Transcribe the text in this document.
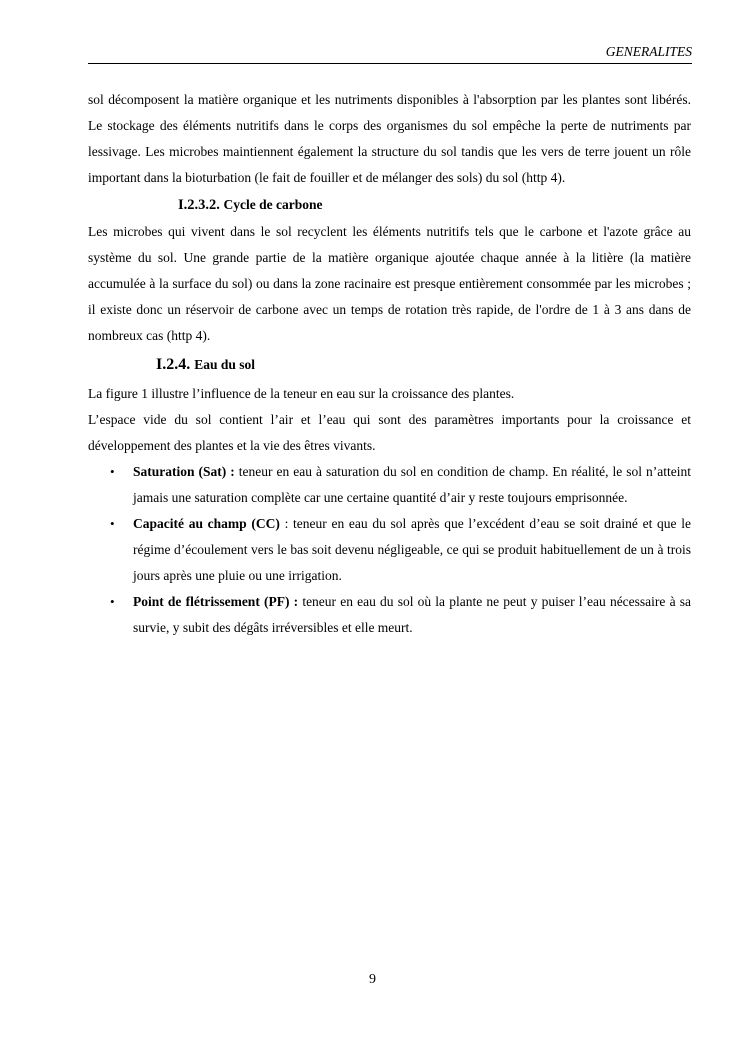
GENERALITES

sol décomposent la matière organique et les nutriments disponibles à l'absorption par les plantes sont libérés. Le stockage des éléments nutritifs dans le corps des organismes du sol empêche la perte de nutriments par lessivage. Les microbes maintiennent également la structure du sol tandis que les vers de terre jouent un rôle important dans la bioturbation (le fait de fouiller et de mélanger des sols) du sol (http 4).

I.2.3.2. Cycle de carbone

Les microbes qui vivent dans le sol recyclent les éléments nutritifs tels que le carbone et l'azote grâce au système du sol. Une grande partie de la matière organique ajoutée chaque année à la litière (la matière accumulée à la surface du sol) ou dans la zone racinaire est presque entièrement consommée par les microbes ; il existe donc un réservoir de carbone avec un temps de rotation très rapide, de l'ordre de 1 à 3 ans dans de nombreux cas (http 4).

I.2.4. Eau du sol

La figure 1 illustre l’influence de la teneur en eau sur la croissance des plantes.

L’espace vide du sol contient l’air et l’eau qui sont des paramètres importants pour la croissance et développement des plantes et la vie des êtres vivants.

• Saturation (Sat) : teneur en eau à saturation du sol en condition de champ. En réalité, le sol n’atteint jamais une saturation complète car une certaine quantité d’air y reste toujours emprisonnée.
• Capacité au champ (CC) : teneur en eau du sol après que l’excédent d’eau se soit drainé et que le régime d’écoulement vers le bas soit devenu négligeable, ce qui se produit habituellement de un à trois jours après une pluie ou une irrigation.
• Point de flétrissement (PF) : teneur en eau du sol où la plante ne peut y puiser l’eau nécessaire à sa survie, y subit des dégâts irréversibles et elle meurt.
9
